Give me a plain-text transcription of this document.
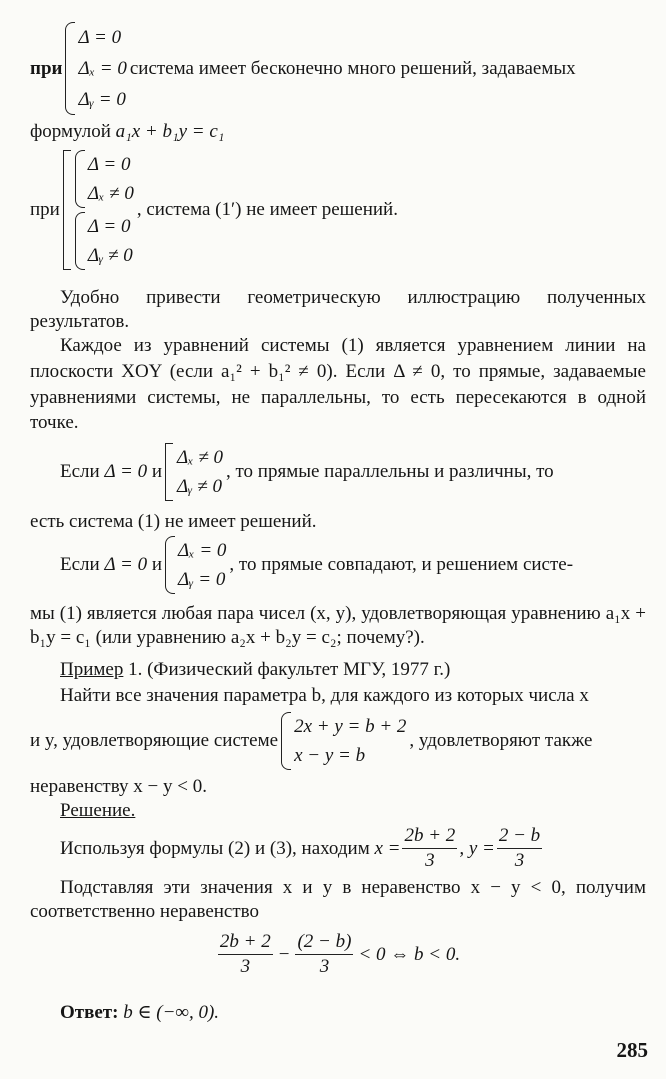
при
Δ = 0
Δₓ = 0
Δᵧ = 0
система имеет бесконечно много решений, задаваемых
формулой
a₁x + b₁y = c₁
при
Δ = 0
Δₓ ≠ 0
Δ = 0
Δᵧ ≠ 0
, система (1′) не имеет решений.

Удобно привести геометрическую иллюстрацию полученных результатов.

Каждое из уравнений системы (1) является уравнением линии на плоскости XOY (если a₁² + b₁² ≠ 0). Если Δ ≠ 0, то прямые, задаваемые уравнениями системы, не параллельны, то есть пересекаются в одной точке.

Если
Δ = 0
и
Δₓ ≠ 0
Δᵧ ≠ 0
, то прямые параллельны и различны, то

есть система (1) не имеет решений.

Если
Δ = 0
и
Δₓ = 0
Δᵧ = 0
, то прямые совпадают, и решением систе-

мы (1) является любая пара чисел (x, y), удовлетворяющая уравнению a₁x + b₁y = c₁ (или уравнению a₂x + b₂y = c₂; почему?).

Пример 1. (Физический факультет МГУ, 1977 г.)

Найти все значения параметра b, для каждого из которых числа x

и y, удовлетворяющие системе
2x + y = b + 2
x − y = b
, удовлетворяют также

неравенству x − y < 0.

Решение.
Используя формулы (2) и (3), находим
$x = \frac{2b + 2}{3}$ , $y = \frac{2 - b}{3}$

Подставляя эти значения x и y в неравенство x − y < 0, получим соответственно неравенство

$\frac{2b + 2}{3} - \frac{(2 - b)}{3} < 0$ ⇔ b < 0.
Ответ: b ∈ (−∞, 0).
285
